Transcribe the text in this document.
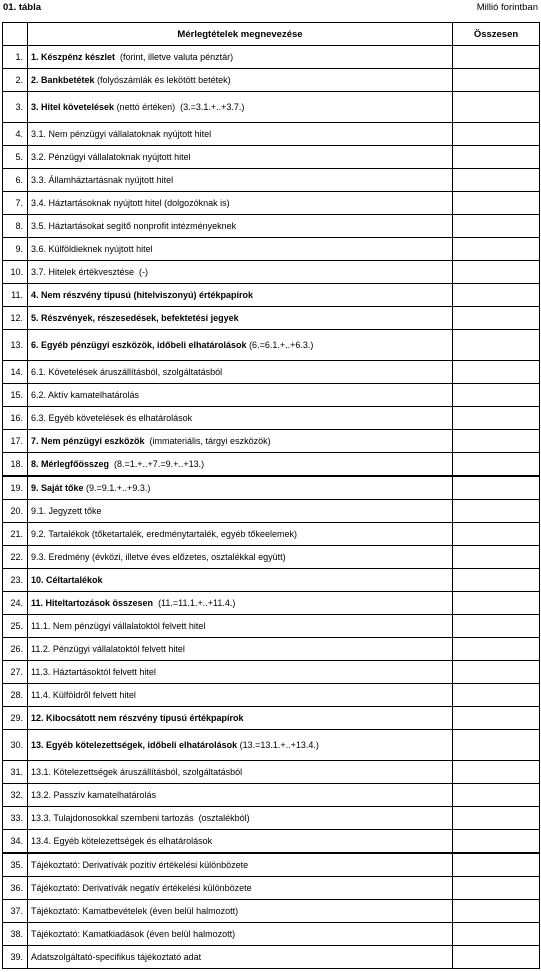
01. tábla	Millió forintban
	Mérlegtételek megnevezése	Összesen
1.	1. Készpénz készlet  (forint, illetve valuta pénztár)	
2.	2. Bankbetétek (folyószámlák és lekötött betétek)	
3.	3. Hitel követelések (nettó értéken)  (3.=3.1.+..+3.7.)	
4.	3.1. Nem pénzügyi vállalatoknak nyújtott hitel	
5.	3.2. Pénzügyi vállalatoknak nyújtott hitel	
6.	3.3. Államháztartásnak nyújtott hitel	
7.	3.4. Háztartásoknak nyújtott hitel (dolgozóknak is)	
8.	3.5. Háztartásokat segítő nonprofit intézményeknek	
9.	3.6. Külföldieknek nyújtott hitel	
10.	3.7. Hitelek értékvesztése  (-)	
11.	4. Nem részvény típusú (hitelviszonyú) értékpapírok	
12.	5. Részvények, részesedések, befektetési jegyek	
13.	6. Egyéb pénzügyi eszközök, időbeli elhatárolások (6.=6.1.+..+6.3.)	
14.	6.1. Követelések áruszállításból, szolgáltatásból	
15.	6.2. Aktív kamatelhatárolás	
16.	6.3. Egyéb követelések és elhatárolások	
17.	7. Nem pénzügyi eszközök  (immateriális, tárgyi eszközök)	
18.	8. Mérlegfőösszeg  (8.=1.+..+7.=9.+..+13.)	
19.	9. Saját tőke (9.=9.1.+..+9.3.)	
20.	9.1. Jegyzett tőke	
21.	9.2. Tartalékok (tőketartalék, eredménytartalék, egyéb tőkeelemek)	
22.	9.3. Eredmény (évközi, illetve éves előzetes, osztalékkal együtt)	
23.	10. Céltartalékok	
24.	11. Hiteltartozások összesen  (11.=11.1.+..+11.4.)	
25.	11.1. Nem pénzügyi vállalatoktól felvett hitel	
26.	11.2. Pénzügyi vállalatoktól felvett hitel	
27.	11.3. Háztartásoktól felvett hitel	
28.	11.4. Külföldről felvett hitel	
29.	12. Kibocsátott nem részvény típusú értékpapírok	
30.	13. Egyéb kötelezettségek, időbeli elhatárolások (13.=13.1.+..+13.4.)	
31.	13.1. Kötelezettségek áruszállításból, szolgáltatásból	
32.	13.2. Passzív kamatelhatárolás	
33.	13.3. Tulajdonosokkal szembeni tartozás  (osztalékból)	
34.	13.4. Egyéb kötelezettségek és elhatárolások	
35.	Tájékoztató: Derivatívák pozitív értékelési különbözete	
36.	Tájékoztató: Derivatívák negatív értékelési különbözete	
37.	Tájékoztató: Kamatbevételek (éven belül halmozott)	
38.	Tájékoztató: Kamatkiadások (éven belül halmozott)	
39.	Adatszolgáltató-specifikus tájékoztató adat	
